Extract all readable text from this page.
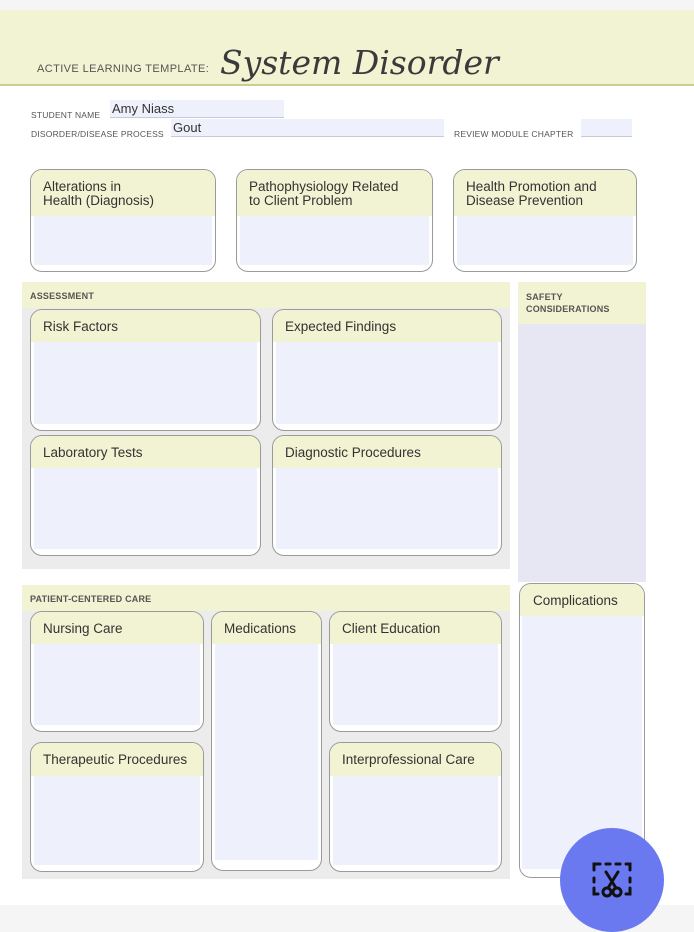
ACTIVE LEARNING TEMPLATE: System Disorder
STUDENT NAME Amy Niass
DISORDER/DISEASE PROCESS Gout	REVIEW MODULE CHAPTER
Alterations in
Health (Diagnosis)
Pathophysiology Related
to Client Problem
Health Promotion and
Disease Prevention
ASSESSMENT
Risk Factors	Expected Findings
Laboratory Tests	Diagnostic Procedures
SAFETY
CONSIDERATIONS
Complications
PATIENT-CENTERED CARE
Nursing Care	Medications	Client Education
Therapeutic Procedures	Interprofessional Care
